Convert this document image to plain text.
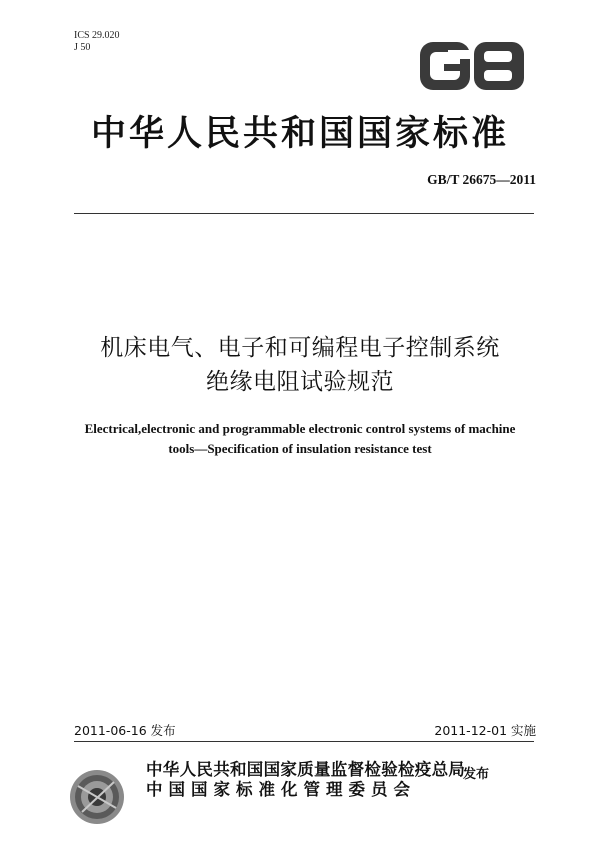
ICS 29.020
J 50
中华人民共和国国家标准
GB/T 26675—2011
机床电气、电子和可编程电子控制系统
绝缘电阻试验规范
Electrical,electronic and programmable electronic control systems of machine
tools—Specification of insulation resistance test
2011-06-16 发布	2011-12-01 实施
中华人民共和国国家质量监督检验检疫总局
中国国家标准化管理委员会
发布
